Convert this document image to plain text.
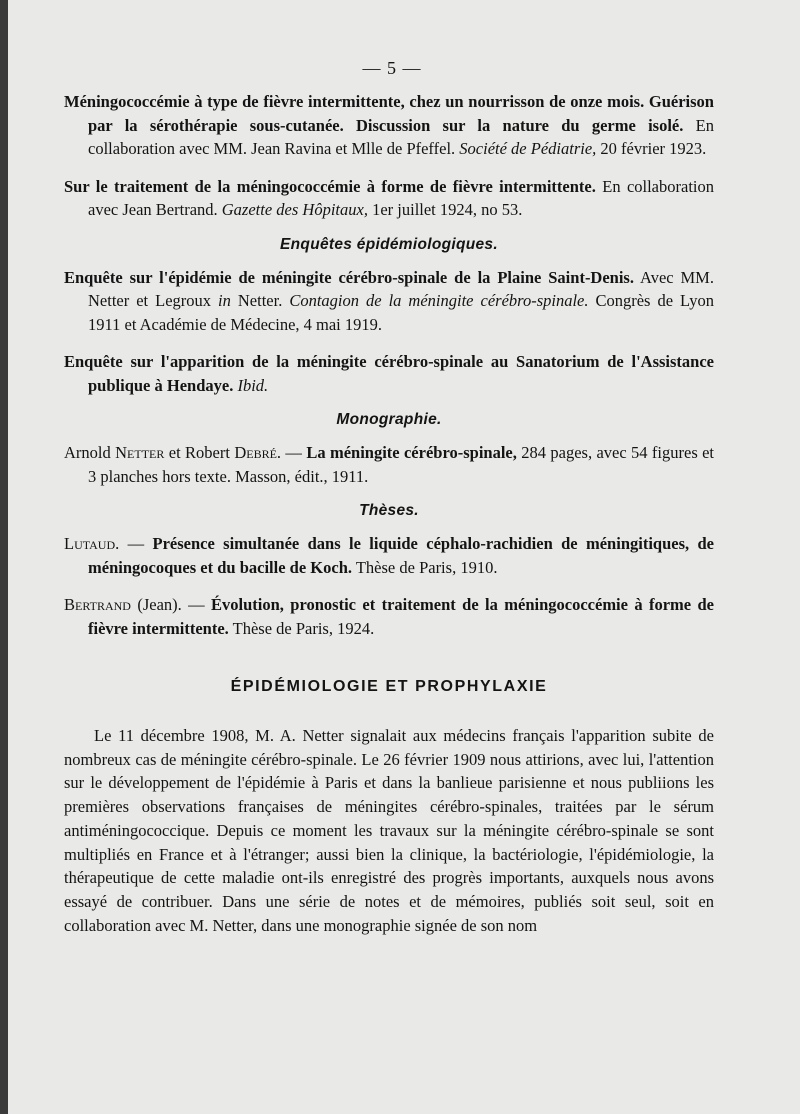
— 5 —

Méningococcémie à type de fièvre intermittente, chez un nourrisson de onze mois. Guérison par la sérothérapie sous-cutanée. Discussion sur la nature du germe isolé. En collaboration avec MM. Jean Ravina et Mlle de Pfeffel. Société de Pédiatrie, 20 février 1923.

Sur le traitement de la méningococcémie à forme de fièvre intermittente. En collaboration avec Jean Bertrand. Gazette des Hôpitaux, 1er juillet 1924, no 53.

Enquêtes épidémiologiques.

Enquête sur l'épidémie de méningite cérébro-spinale de la Plaine Saint-Denis. Avec MM. Netter et Legroux in Netter. Contagion de la méningite cérébro-spinale. Congrès de Lyon 1911 et Académie de Médecine, 4 mai 1919.

Enquête sur l'apparition de la méningite cérébro-spinale au Sanatorium de l'Assistance publique à Hendaye. Ibid.

Monographie.

Arnold Netter et Robert Debré. — La méningite cérébro-spinale, 284 pages, avec 54 figures et 3 planches hors texte. Masson, édit., 1911.

Thèses.

Lutaud. — Présence simultanée dans le liquide céphalo-rachidien de méningitiques, de méningocoques et du bacille de Koch. Thèse de Paris, 1910.

Bertrand (Jean). — Évolution, pronostic et traitement de la méningococcémie à forme de fièvre intermittente. Thèse de Paris, 1924.

ÉPIDÉMIOLOGIE ET PROPHYLAXIE

Le 11 décembre 1908, M. A. Netter signalait aux médecins français l'apparition subite de nombreux cas de méningite cérébro-spinale. Le 26 février 1909 nous attirions, avec lui, l'attention sur le développement de l'épidémie à Paris et dans la banlieue parisienne et nous publiions les premières observations françaises de méningites cérébro-spinales, traitées par le sérum antiméningococcique. Depuis ce moment les travaux sur la méningite cérébro-spinale se sont multipliés en France et à l'étranger; aussi bien la clinique, la bactériologie, l'épidémiologie, la thérapeutique de cette maladie ont-ils enregistré des progrès importants, auxquels nous avons essayé de contribuer. Dans une série de notes et de mémoires, publiés soit seul, soit en collaboration avec M. Netter, dans une monographie signée de son nom
